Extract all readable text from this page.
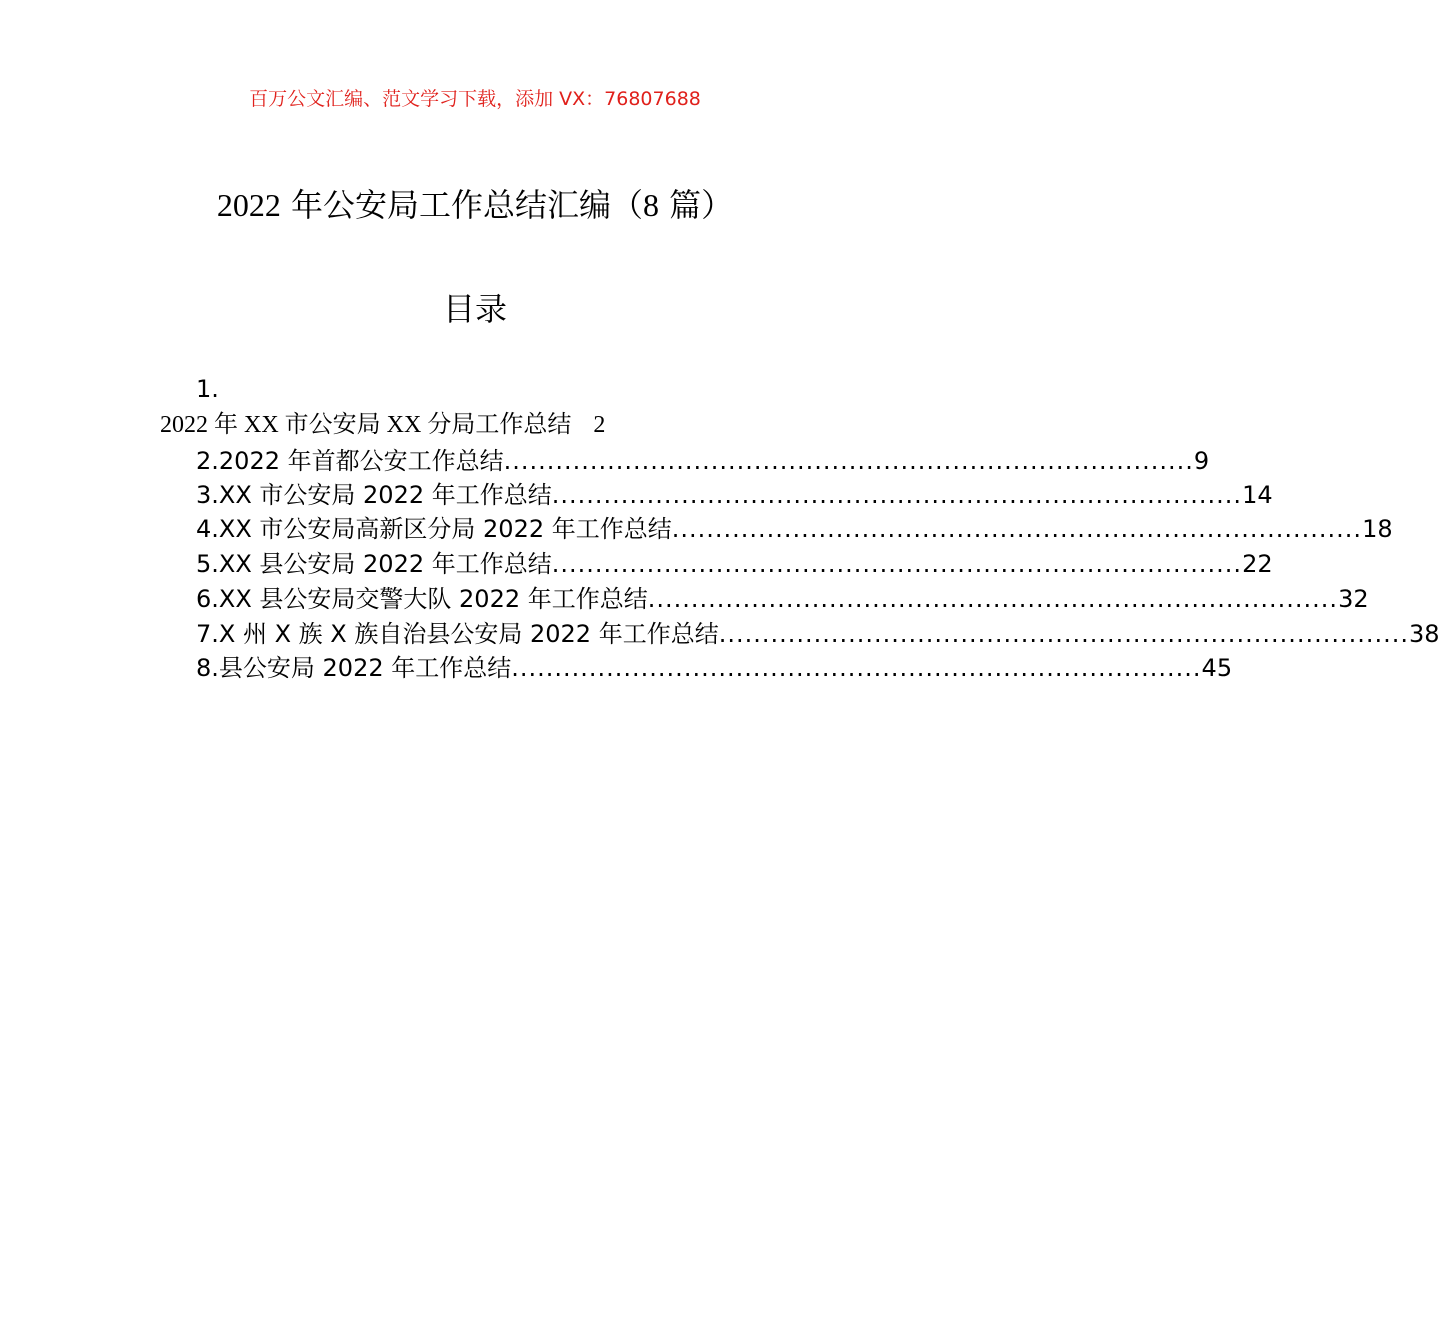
百万公文汇编、范文学习下载，添加 VX：76807688
2022 年公安局工作总结汇编（8 篇）
目录
1.
2022 年 XX 市公安局 XX 分局工作总结 2
2.2022 年首都公安工作总结 ................................................................................ 9
3.XX 市公安局 2022 年工作总结 ................................................................................ 14
4.XX 市公安局高新区分局 2022 年工作总结 ................................................................................ 18
5.XX 县公安局 2022 年工作总结 ................................................................................ 22
6.XX 县公安局交警大队 2022 年工作总结 ................................................................................ 32
7.X 州 X 族 X 族自治县公安局 2022 年工作总结 ................................................................................ 38
8.县公安局 2022 年工作总结 ................................................................................ 45
